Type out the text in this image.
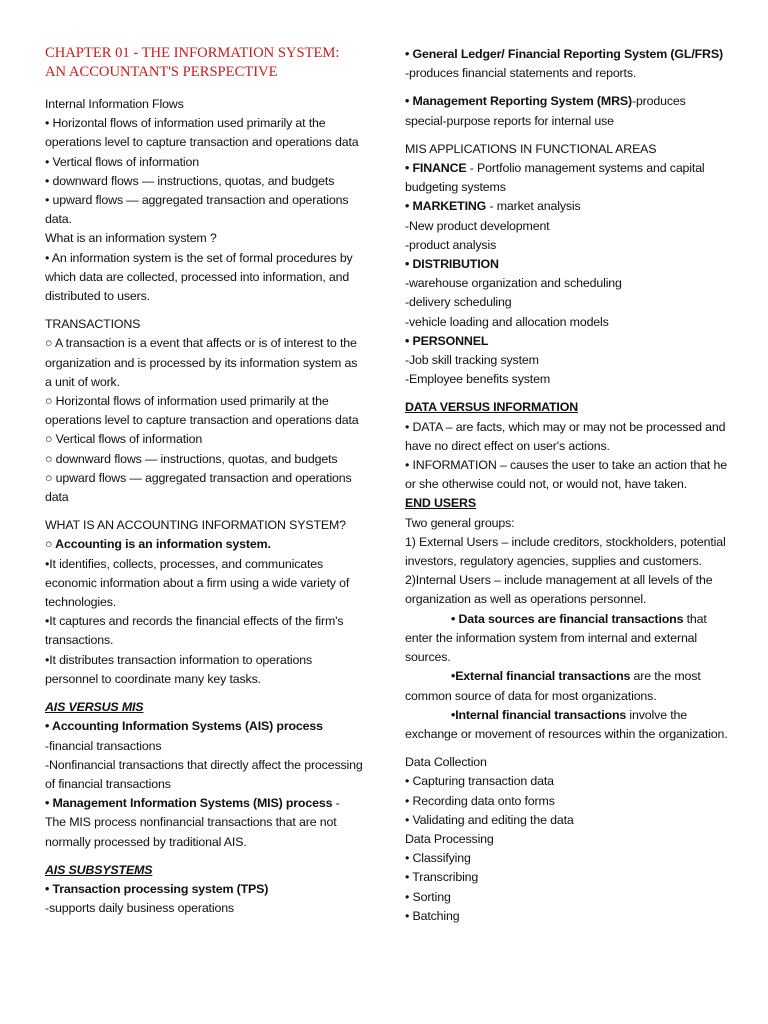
CHAPTER 01 - THE INFORMATION SYSTEM:
AN ACCOUNTANT'S PERSPECTIVE

Internal Information Flows

• Horizontal flows of information used primarily at the operations level to capture transaction and operations data

• Vertical flows of information

• downward flows — instructions, quotas, and budgets

• upward flows — aggregated transaction and operations data.

What is an information system ?

• An information system is the set of formal procedures by which data are collected, processed into information, and distributed to users.

TRANSACTIONS

○ A transaction is a event that affects or is of interest to the organization and is processed by its information system as a unit of work.

○ Horizontal flows of information used primarily at the operations level to capture transaction and operations data

○ Vertical flows of information

○ downward flows — instructions, quotas, and budgets

○ upward flows — aggregated transaction and operations data

WHAT IS AN ACCOUNTING INFORMATION SYSTEM?

○ Accounting is an information system.

•It identifies, collects, processes, and communicates economic information about a firm using a wide variety of technologies.

•It captures and records the financial effects of the firm's transactions.

•It distributes transaction information to operations personnel to coordinate many key tasks.

AIS VERSUS MIS

• Accounting Information Systems (AIS) process

-financial transactions

-Nonfinancial transactions that directly affect the processing of financial transactions

• Management Information Systems (MIS) process - The MIS process nonfinancial transactions that are not normally processed by traditional AIS.

AIS SUBSYSTEMS

• Transaction processing system (TPS)

-supports daily business operations

• General Ledger/ Financial Reporting System (GL/FRS)

-produces financial statements and reports.

• Management Reporting System (MRS)-produces special-purpose reports for internal use

MIS APPLICATIONS IN FUNCTIONAL AREAS

• FINANCE - Portfolio management systems and capital budgeting systems

• MARKETING - market analysis

-New product development

-product analysis

• DISTRIBUTION

-warehouse organization and scheduling

-delivery scheduling

-vehicle loading and allocation models

• PERSONNEL

-Job skill tracking system

-Employee benefits system

DATA VERSUS INFORMATION

• DATA – are facts, which may or may not be processed and have no direct effect on user's actions.

• INFORMATION – causes the user to take an action that he or she otherwise could not, or would not, have taken.

END USERS

Two general groups:

1) External Users – include creditors, stockholders, potential investors, regulatory agencies, supplies and customers.

2)Internal Users – include management at all levels of the organization as well as operations personnel.

• Data sources are financial transactions that enter the information system from internal and external sources.

•External financial transactions are the most common source of data for most organizations.

•Internal financial transactions involve the exchange or movement of resources within the organization.

Data Collection

• Capturing transaction data

• Recording data onto forms

• Validating and editing the data

Data Processing

• Classifying

• Transcribing

• Sorting

• Batching
